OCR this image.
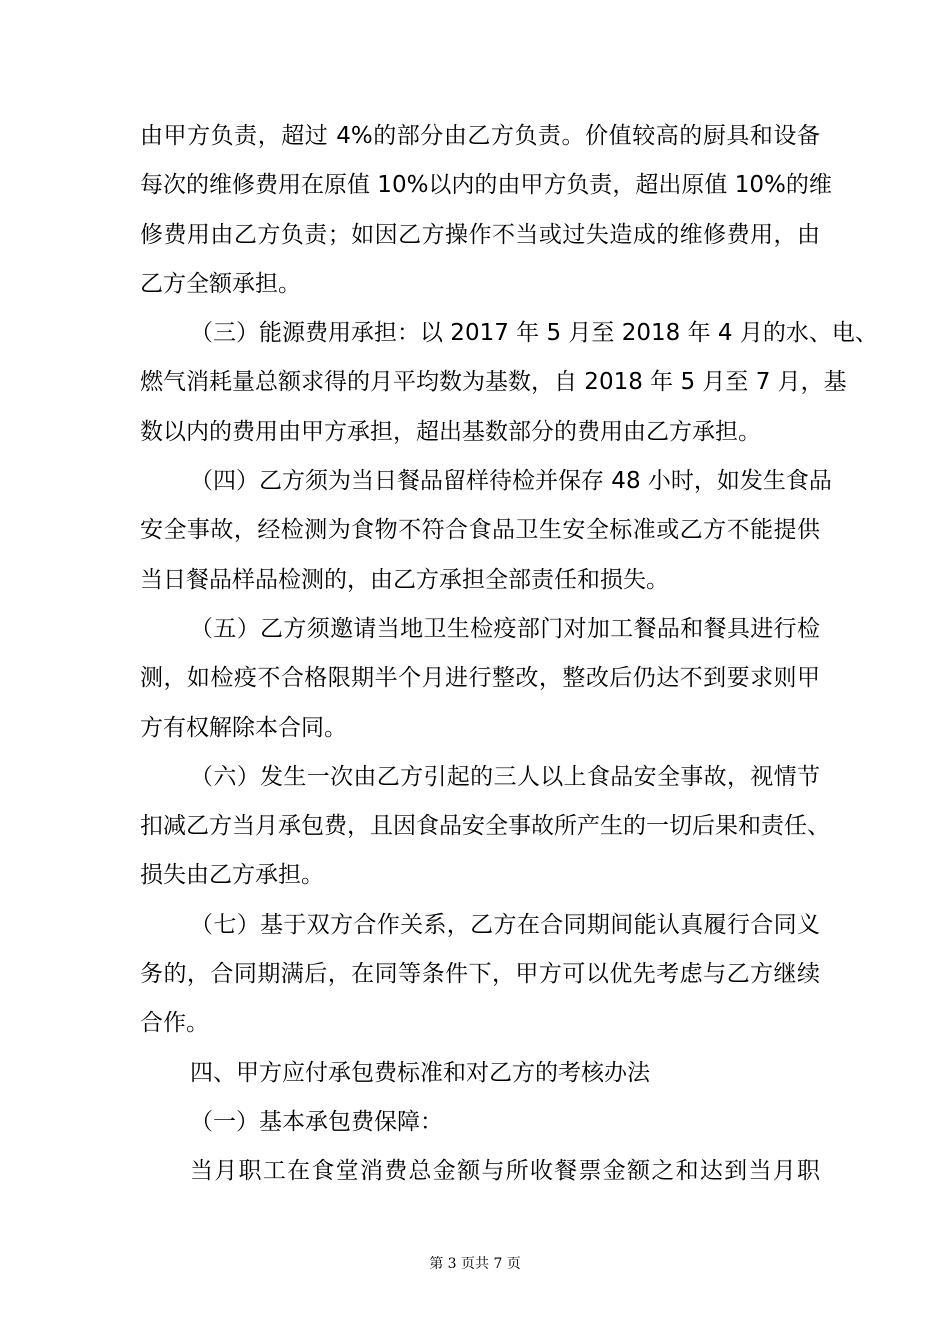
由甲方负责，超过 4%的部分由乙方负责。价值较高的厨具和设备
每次的维修费用在原值 10%以内的由甲方负责，超出原值 10%的维
修费用由乙方负责；如因乙方操作不当或过失造成的维修费用，由
乙方全额承担。
（三）能源费用承担：以 2017 年 5 月至 2018 年 4 月的水、电、
燃气消耗量总额求得的月平均数为基数，自 2018 年 5 月至 7 月，基
数以内的费用由甲方承担，超出基数部分的费用由乙方承担。
（四）乙方须为当日餐品留样待检并保存 48 小时，如发生食品
安全事故，经检测为食物不符合食品卫生安全标准或乙方不能提供
当日餐品样品检测的，由乙方承担全部责任和损失。
（五）乙方须邀请当地卫生检疫部门对加工餐品和餐具进行检
测，如检疫不合格限期半个月进行整改，整改后仍达不到要求则甲
方有权解除本合同。
（六）发生一次由乙方引起的三人以上食品安全事故，视情节
扣减乙方当月承包费，且因食品安全事故所产生的一切后果和责任、
损失由乙方承担。
（七）基于双方合作关系，乙方在合同期间能认真履行合同义
务的，合同期满后，在同等条件下，甲方可以优先考虑与乙方继续
合作。
四、甲方应付承包费标准和对乙方的考核办法
（一）基本承包费保障：
当月职工在食堂消费总金额与所收餐票金额之和达到当月职
第 3 页共 7 页
